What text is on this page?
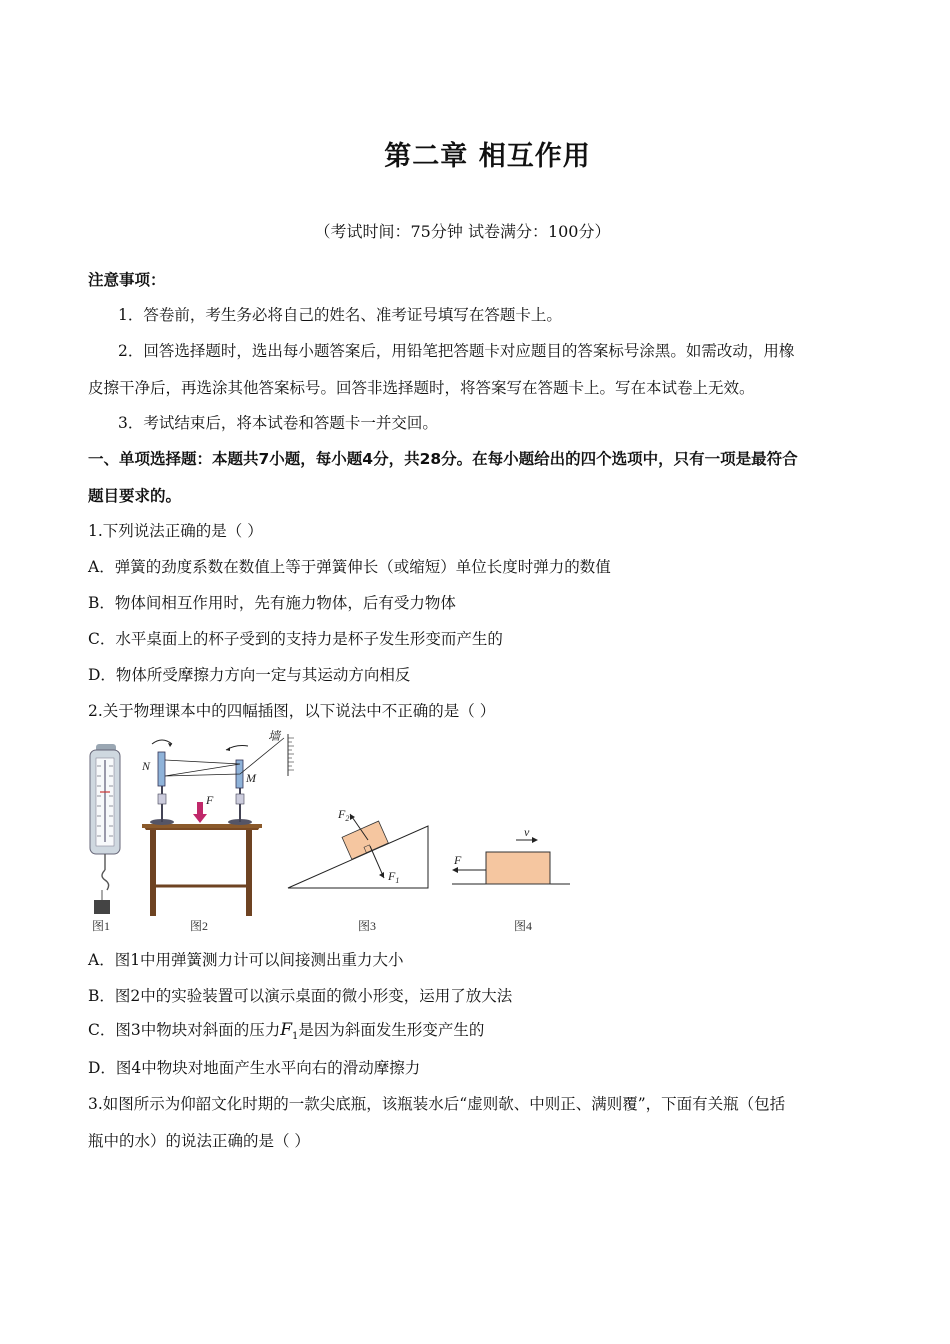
第二章 相互作用
（考试时间：75分钟 试卷满分：100分）
注意事项：
1．答卷前，考生务必将自己的姓名、准考证号填写在答题卡上。
2．回答选择题时，选出每小题答案后，用铅笔把答题卡对应题目的答案标号涂黑。如需改动，用橡
皮擦干净后，再选涂其他答案标号。回答非选择题时，将答案写在答题卡上。写在本试卷上无效。
3．考试结束后，将本试卷和答题卡一并交回。
一、单项选择题：本题共7小题，每小题4分，共28分。在每小题给出的四个选项中，只有一项是最符合
题目要求的。
1.下列说法正确的是（ ）
A．弹簧的劲度系数在数值上等于弹簧伸长（或缩短）单位长度时弹力的数值
B．物体间相互作用时，先有施力物体，后有受力物体
C．水平桌面上的杯子受到的支持力是杯子发生形变而产生的
D．物体所受摩擦力方向一定与其运动方向相反
2.关于物理课本中的四幅插图，以下说法中不正确的是（ ）
墙
N
M
F
$F_2$
$F_1$
v
F
图1	图2	图3	图4
A．图1中用弹簧测力计可以间接测出重力大小
B．图2中的实验装置可以演示桌面的微小形变，运用了放大法
C．图3中物块对斜面的压力$F_1$是因为斜面发生形变产生的
D．图4中物块对地面产生水平向右的滑动摩擦力
3.如图所示为仰韶文化时期的一款尖底瓶，该瓶装水后“虚则欹、中则正、满则覆”，下面有关瓶（包括
瓶中的水）的说法正确的是（ ）
